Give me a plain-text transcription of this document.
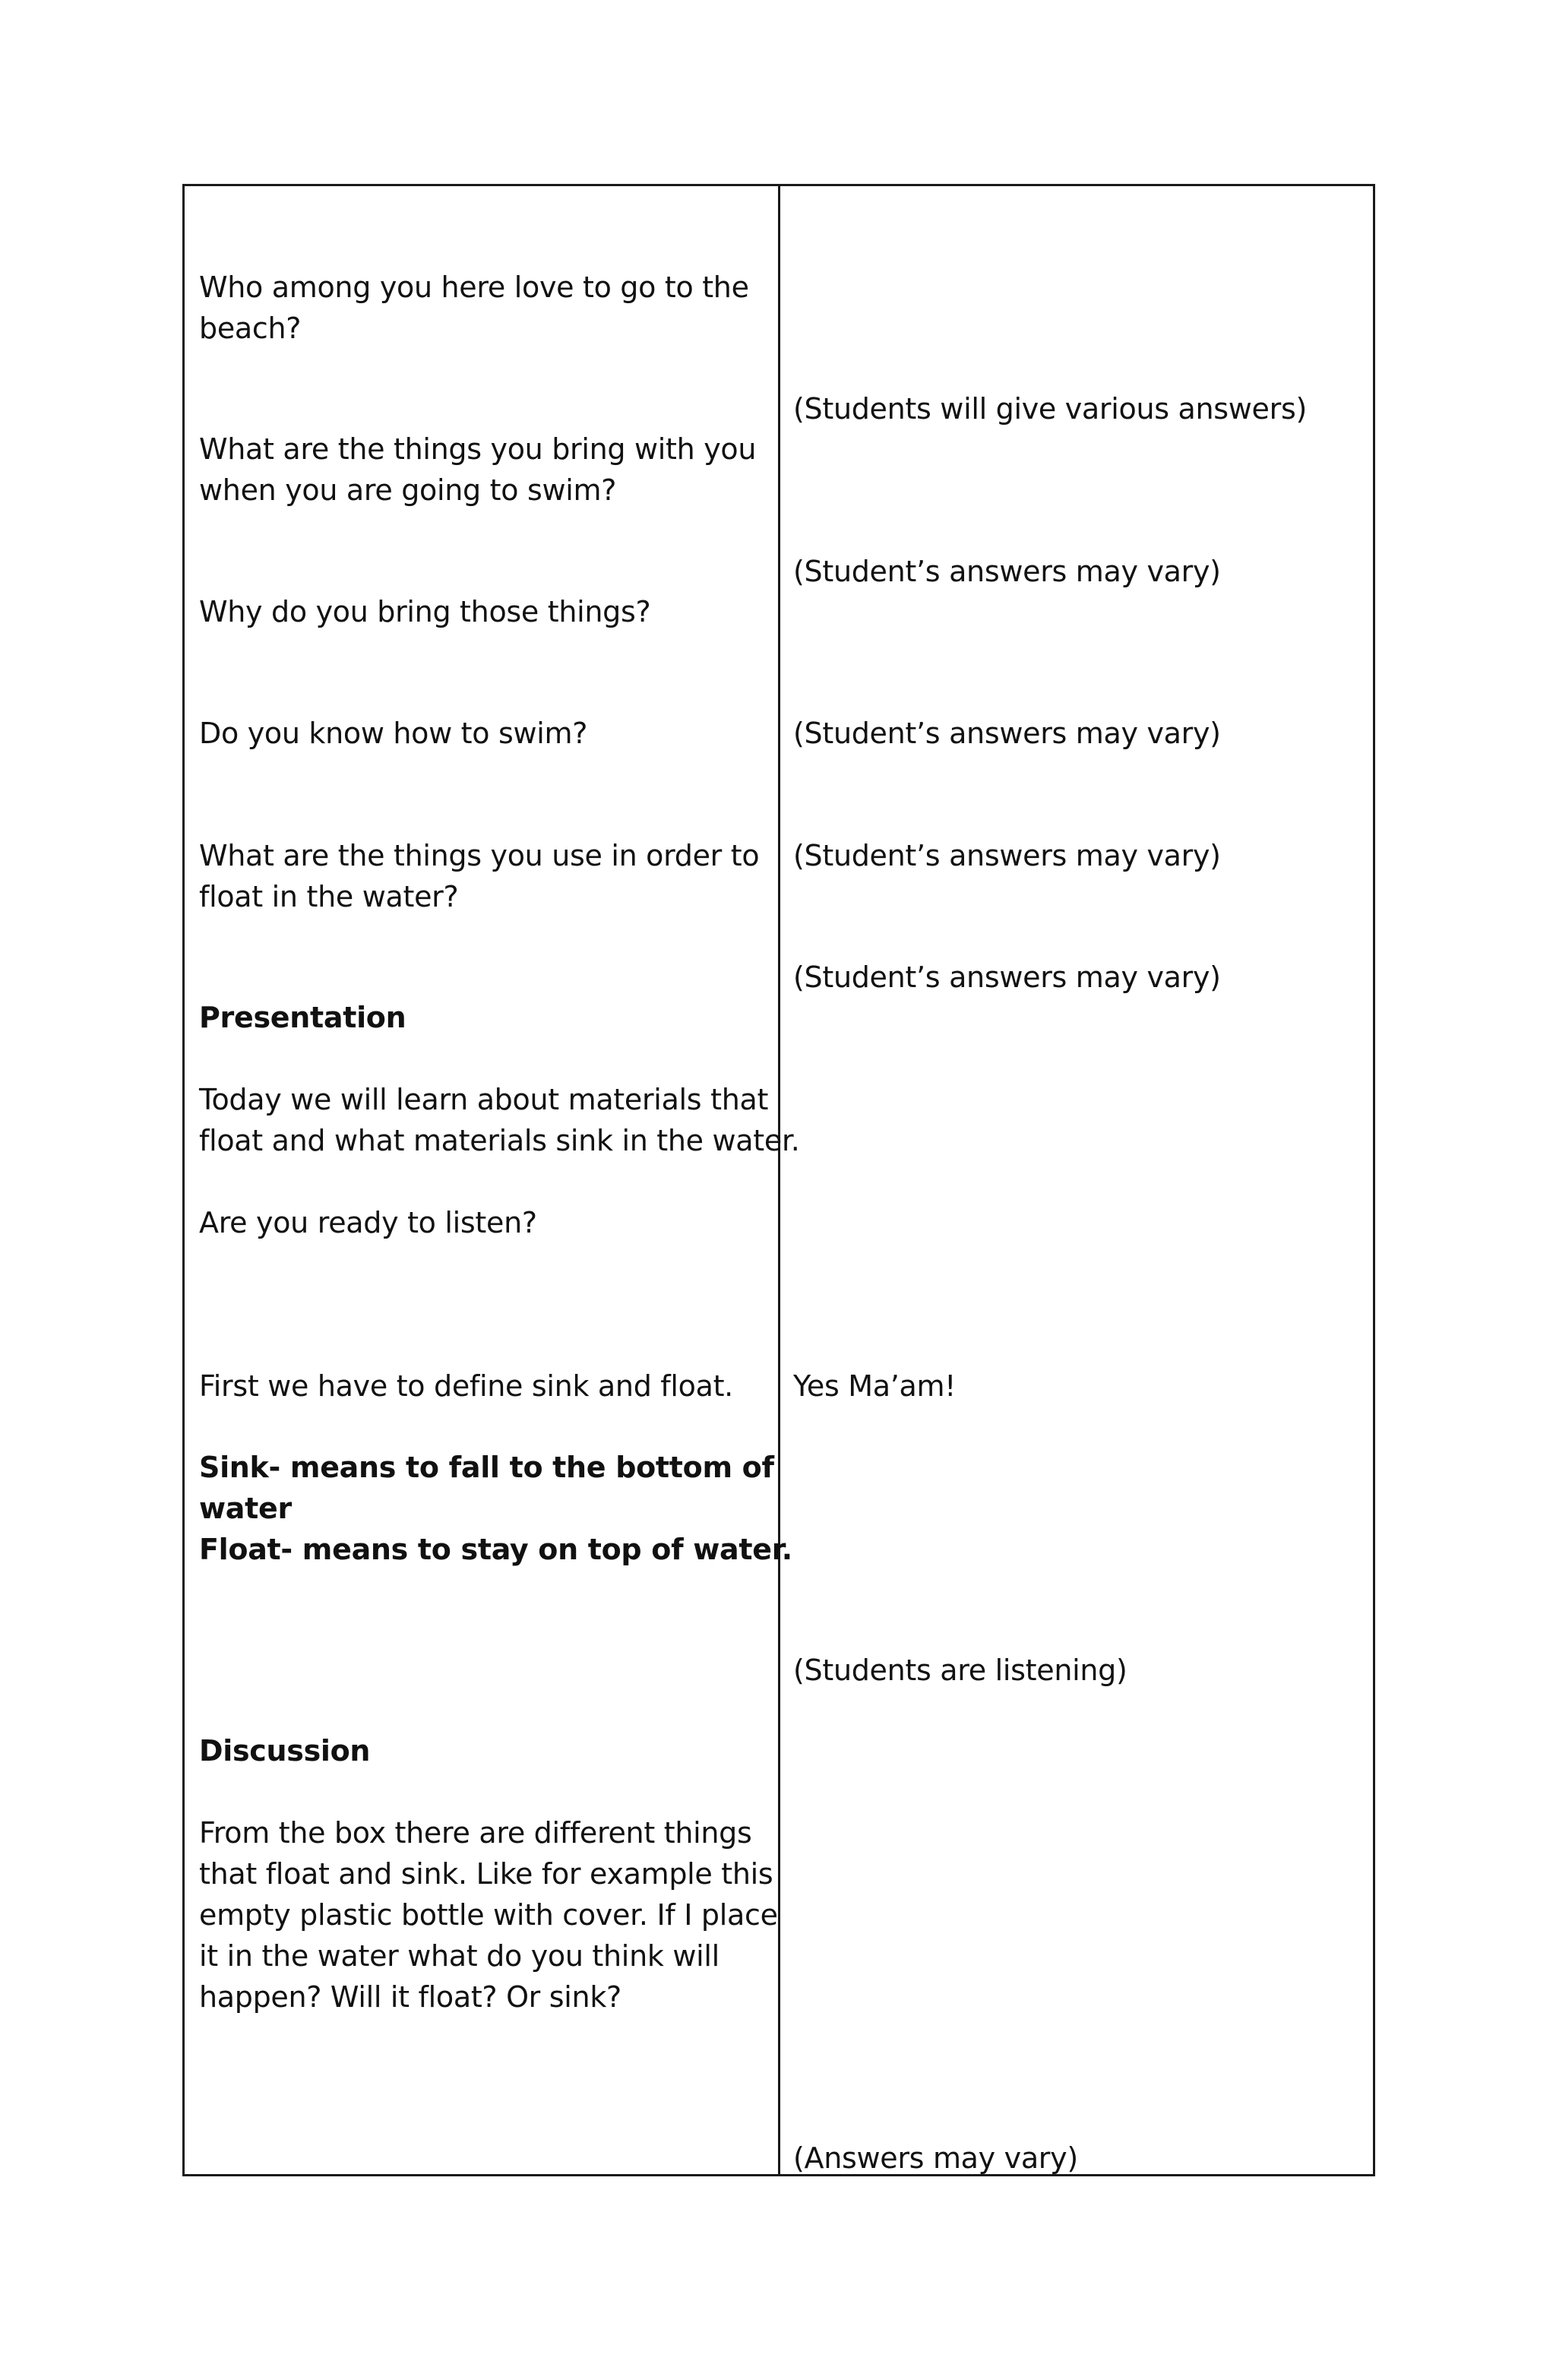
Who among you here love to go to the
beach?
What are the things you bring with you
when you are going to swim?
Why do you bring those things?
Do you know how to swim?
What are the things you use in order to
float in the water?
Presentation
Today we will learn about materials that
float and what materials sink in the water.
Are you ready to listen?
First we have to define sink and float.
Sink- means to fall to the bottom of
water
Float- means to stay on top of water.
Discussion
From the box there are different things
that float and sink. Like for example this
empty plastic bottle with cover. If I place
it in the water what do you think will
happen? Will it float? Or sink?
(Students will give various answers)
(Student’s answers may vary)
(Student’s answers may vary)
(Student’s answers may vary)
(Student’s answers may vary)
Yes Ma’am!
(Students are listening)
(Answers may vary)
